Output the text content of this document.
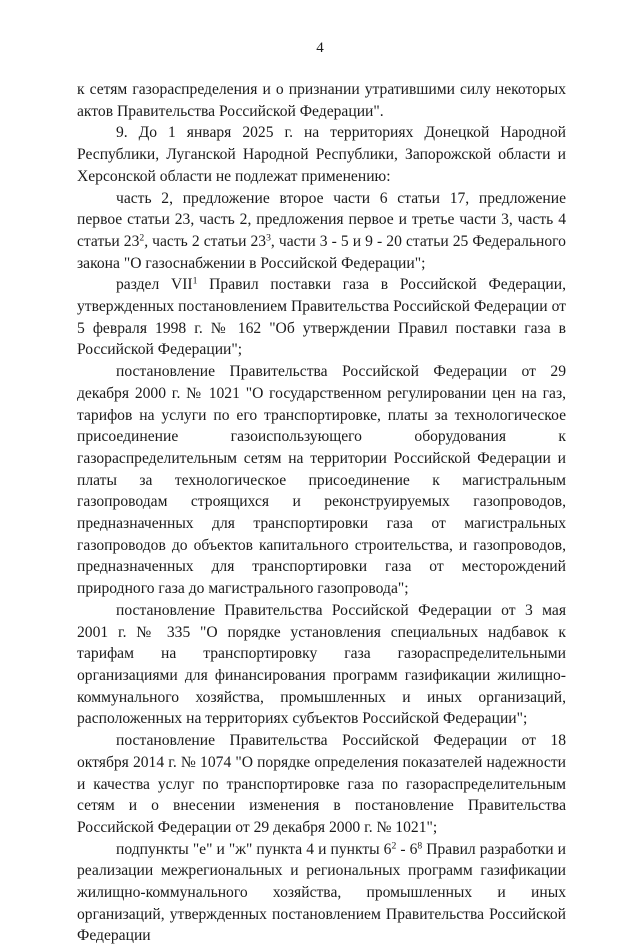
4

к сетям газораспределения и о признании утратившими силу некоторых актов Правительства Российской Федерации".

9. До 1 января 2025 г. на территориях Донецкой Народной Республики, Луганской Народной Республики, Запорожской области и Херсонской области не подлежат применению:

часть 2, предложение второе части 6 статьи 17, предложение первое статьи 23, часть 2, предложения первое и третье части 3, часть 4 статьи $23^2$, часть 2 статьи $23^3$, части 3 - 5 и 9 - 20 статьи 25 Федерального закона "О газоснабжении в Российской Федерации";

раздел VII$^1$ Правил поставки газа в Российской Федерации, утвержденных постановлением Правительства Российской Федерации от 5 февраля 1998 г. № 162 "Об утверждении Правил поставки газа в Российской Федерации";

постановление Правительства Российской Федерации от 29 декабря 2000 г. № 1021 "О государственном регулировании цен на газ, тарифов на услуги по его транспортировке, платы за технологическое присоединение газоиспользующего оборудования к газораспределительным сетям на территории Российской Федерации и платы за технологическое присоединение к магистральным газопроводам строящихся и реконструируемых газопроводов, предназначенных для транспортировки газа от магистральных газопроводов до объектов капитального строительства, и газопроводов, предназначенных для транспортировки газа от месторождений природного газа до магистрального газопровода";

постановление Правительства Российской Федерации от 3 мая 2001 г. № 335 "О порядке установления специальных надбавок к тарифам на транспортировку газа газораспределительными организациями для финансирования программ газификации жилищно-коммунального хозяйства, промышленных и иных организаций, расположенных на территориях субъектов Российской Федерации";

постановление Правительства Российской Федерации от 18 октября 2014 г. № 1074 "О порядке определения показателей надежности и качества услуг по транспортировке газа по газораспределительным сетям и о внесении изменения в постановление Правительства Российской Федерации от 29 декабря 2000 г. № 1021";

подпункты "е" и "ж" пункта 4 и пункты $6^2 - 6^8$ Правил разработки и реализации межрегиональных и региональных программ газификации жилищно-коммунального хозяйства, промышленных и иных организаций, утвержденных постановлением Правительства Российской Федерации
